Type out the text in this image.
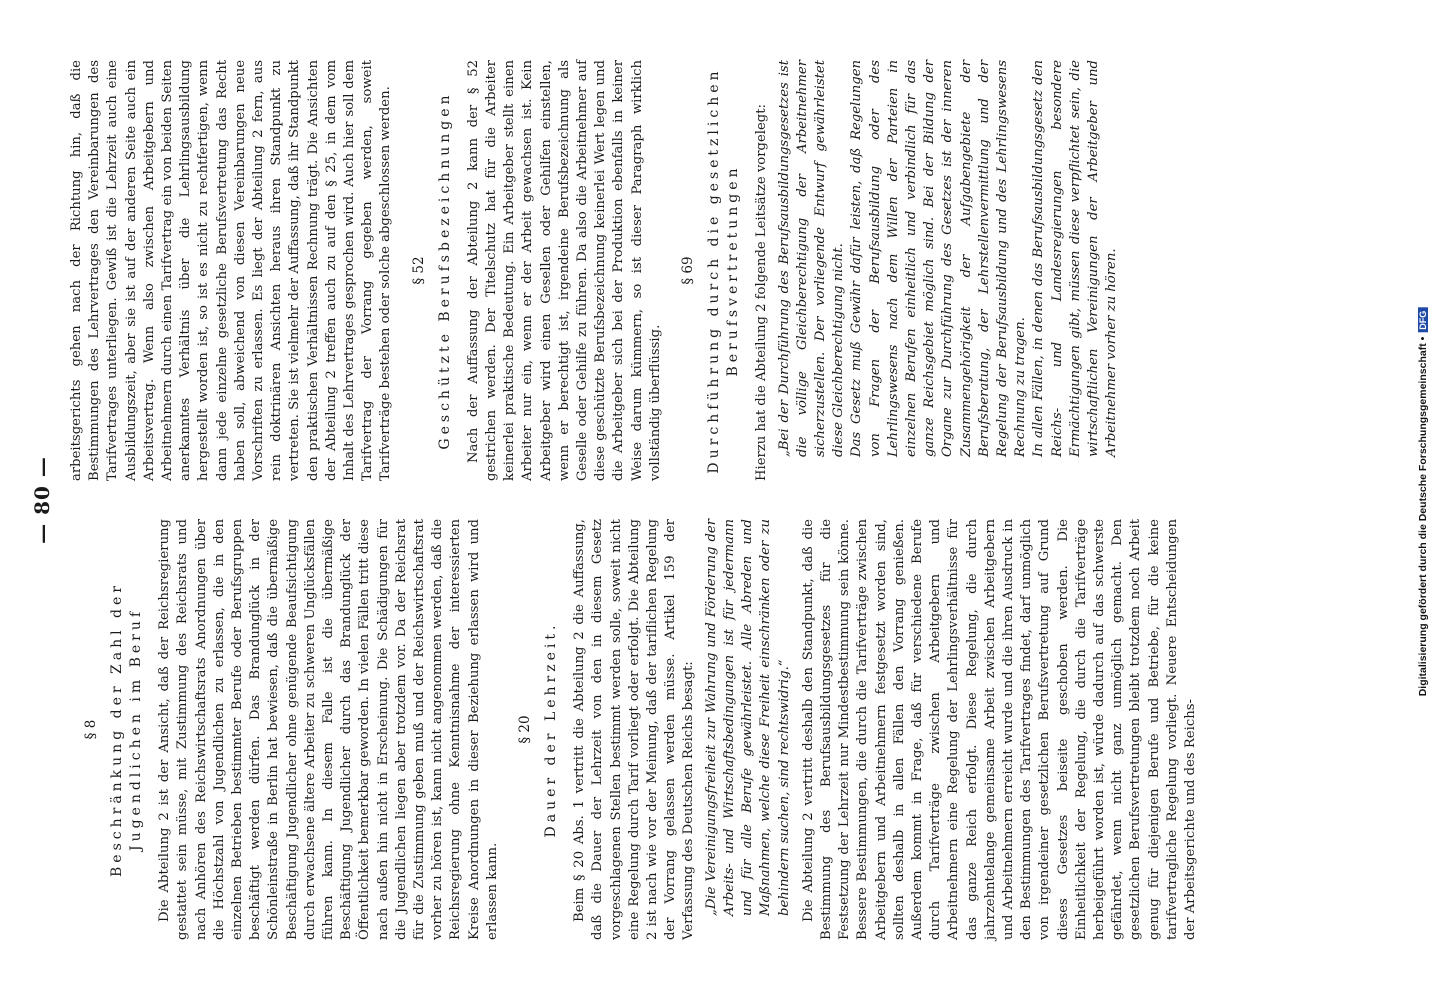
— 80 —
§ 8 Beschränkung der Zahl der Jugendlichen im Beruf Die Abteilung 2 ist der Ansicht, daß der Reichsregierung gestattet sein müsse, mit Zustimmung des Reichsrats und nach Anhören des Reichswirtschaftsrats Anordnungen über die Höchstzahl von Jugendlichen zu erlassen, die in den einzelnen Betrieben bestimmter Berufe oder Berufsgruppen beschäftigt werden dürfen. Das Brandunglück in der Schönleinstraße in Berlin hat bewiesen, daß die übermäßige Beschäftigung Jugendlicher ohne genügende Beaufsichtigung durch erwachsene ältere Arbeiter zu schweren Unglücksfällen führen kann. In diesem Falle ist die übermäßige Beschäftigung Jugendlicher durch das Brandunglück der Öffentlichkeit bemerkbar geworden. In vielen Fällen tritt diese nach außen hin nicht in Erscheinung. Die Schädigungen für die Jugendlichen liegen aber trotzdem vor. Da der Reichsrat für die Zustimmung geben muß und der Reichswirtschaftsrat vorher zu hören ist, kann nicht angenommen werden, daß die Reichsregierung ohne Kenntnisnahme der interessierten Kreise Anordnungen in dieser Beziehung erlassen wird und erlassen kann.

§ 20 Dauer der Lehrzeit. Beim § 20 Abs. 1 vertritt die Abteilung 2 die Auffassung, daß die Dauer der Lehrzeit von den in diesem Gesetz vorgeschlagenen Stellen bestimmt werden solle, soweit nicht eine Regelung durch Tarif vorliegt oder erfolgt. Die Abteilung 2 ist nach wie vor der Meinung, daß der tariflichen Regelung der Vorrang gelassen werden müsse. Artikel 159 der Verfassung des Deutschen Reichs besagt: „Die Vereinigungsfreiheit zur Wahrung und Förderung der Arbeits- und Wirtschaftsbedingungen ist für jedermann und für alle Berufe gewährleistet. Alle Abreden und Maßnahmen, welche diese Freiheit einschränken oder zu behindern suchen, sind rechtswidrig.“ Die Abteilung 2 vertritt deshalb den Standpunkt, daß die Bestimmung des Berufsausbildungsgesetzes für die Festsetzung der Lehrzeit nur Mindestbestimmung sein könne. Bessere Bestimmungen, die durch die Tarifverträge zwischen Arbeitgebern und Arbeitnehmern festgesetzt worden sind, sollten deshalb in allen Fällen den Vorrang genießen. Außerdem kommt in Frage, daß für verschiedene Berufe durch Tarifverträge zwischen Arbeitgebern und Arbeitnehmern eine Regelung der Lehrlingsverhältnisse für das ganze Reich erfolgt. Diese Regelung, die durch jahrzehntelange gemeinsame Arbeit zwischen Arbeitgebern und Arbeitnehmern erreicht wurde und die ihren Ausdruck in den Bestimmungen des Tarifvertrages findet, darf unmöglich von irgendeiner gesetzlichen Berufsvertretung auf Grund dieses Gesetzes beiseite geschoben werden. Die Einheitlichkeit der Regelung, die durch die Tarifverträge herbeigeführt worden ist, würde dadurch auf das schwerste gefährdet, wenn nicht ganz unmöglich gemacht. Den gesetzlichen Berufsvertretungen bleibt trotzdem noch Arbeit genug für diejenigen Berufe und Betriebe, für die keine tarifvertragliche Regelung vorliegt. Neuere Entscheidungen der Arbeitsgerichte und des Reichs-

arbeitsgerichts gehen nach der Richtung hin, daß die Bestimmungen des Lehrvertrages den Vereinbarungen des Tarifvertrages unterliegen. Gewiß ist die Lehrzeit auch eine Ausbildungszeit, aber sie ist auf der anderen Seite auch ein Arbeitsvertrag. Wenn also zwischen Arbeitgebern und Arbeitnehmern durch einen Tarifvertrag ein von beiden Seiten anerkanntes Verhältnis über die Lehrlingsausbildung hergestellt worden ist, so ist es nicht zu rechtfertigen, wenn dann jede einzelne gesetzliche Berufsvertretung das Recht haben soll, abweichend von diesen Vereinbarungen neue Vorschriften zu erlassen. Es liegt der Abteilung 2 fern, aus rein doktrinären Ansichten heraus ihren Standpunkt zu vertreten. Sie ist vielmehr der Auffassung, daß ihr Standpunkt den praktischen Verhältnissen Rechnung trägt. Die Ansichten der Abteilung 2 treffen auch zu auf den § 25, in dem vom Inhalt des Lehrvertrages gesprochen wird. Auch hier soll dem Tarifvertrag der Vorrang gegeben werden, soweit Tarifverträge bestehen oder solche abgeschlossen werden. § 52 Geschützte Berufsbezeichnungen Nach der Auffassung der Abteilung 2 kann der § 52 gestrichen werden. Der Titelschutz hat für die Arbeiter keinerlei praktische Bedeutung. Ein Arbeitgeber stellt einen Arbeiter nur ein, wenn er der Arbeit gewachsen ist. Kein Arbeitgeber wird einen Gesellen oder Gehilfen einstellen, wenn er berechtigt ist, irgendeine Berufsbezeichnung als Geselle oder Gehilfe zu führen. Da also die Arbeitnehmer auf diese geschützte Berufsbezeichnung keinerlei Wert legen und die Arbeitgeber sich bei der Produktion ebenfalls in keiner Weise darum kümmern, so ist dieser Paragraph wirklich vollständig überflüssig.

§ 69 Durchführung durch die gesetzlichen Berufsvertretungen Hierzu hat die Abteilung 2 folgende Leitsätze vorgelegt: „Bei der Durchführung des Berufsausbildungsgesetzes ist die völlige Gleichberechtigung der Arbeitnehmer sicherzustellen. Der vorliegende Entwurf gewährleistet diese Gleichberechtigung nicht. Das Gesetz muß Gewähr dafür leisten, daß Regelungen von Fragen der Berufsausbildung oder des Lehrlingswesens nach dem Willen der Parteien in einzelnen Berufen einheitlich und verbindlich für das ganze Reichsgebiet möglich sind. Bei der Bildung der Organe zur Durchführung des Gesetzes ist der inneren Zusammengehörigkeit der Aufgabengebiete der Berufsberatung, der Lehrstellenvermittlung und der Regelung der Berufsausbildung und des Lehrlingswesens Rechnung zu tragen. In allen Fällen, in denen das Berufsausbildungsgesetz den Reichs- und Landesregierungen besondere Ermächtigungen gibt, müssen diese verpflichtet sein, die wirtschaftlichen Vereinigungen der Arbeitgeber und Arbeitnehmer vorher zu hören.	Digitalisierung gefördert durch die Deutsche Forschungsgemeinschaft •DFG
